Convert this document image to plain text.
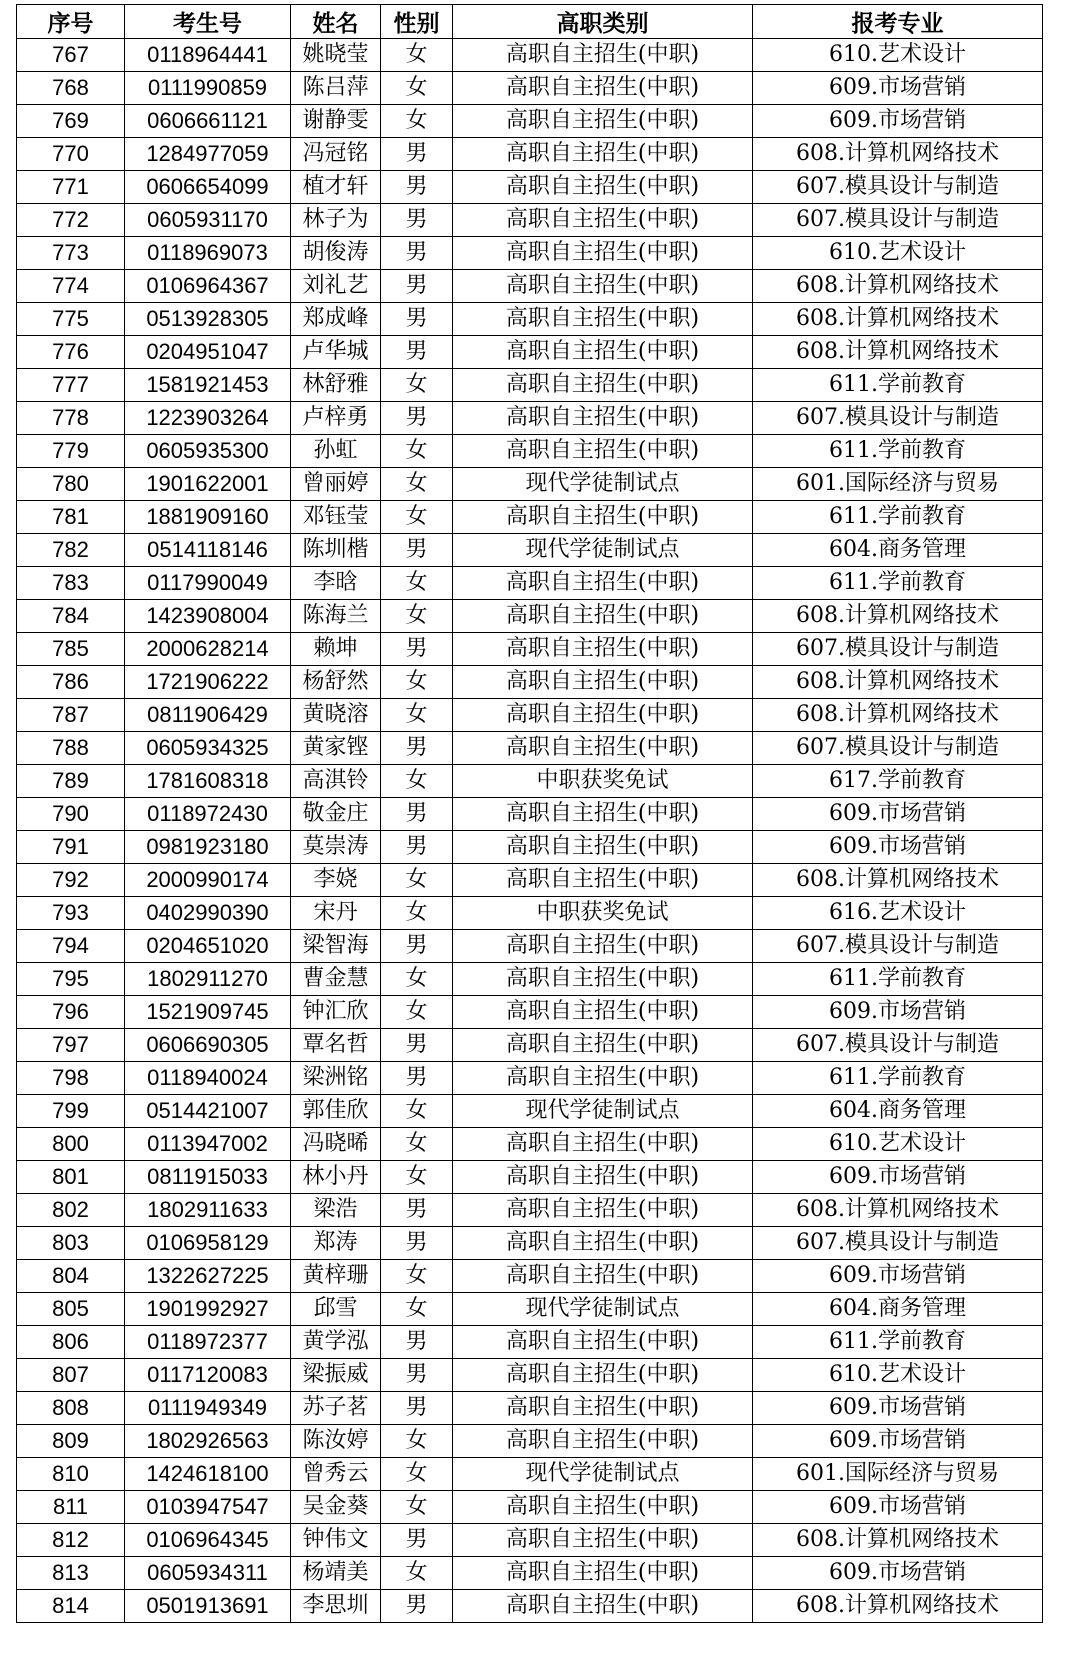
序号	考生号	姓名	性别	高职类别	报考专业
767	0118964441	姚晓莹	女	高职自主招生(中职)	610.艺术设计
768	0111990859	陈吕萍	女	高职自主招生(中职)	609.市场营销
769	0606661121	谢静雯	女	高职自主招生(中职)	609.市场营销
770	1284977059	冯冠铭	男	高职自主招生(中职)	608.计算机网络技术
771	0606654099	植才轩	男	高职自主招生(中职)	607.模具设计与制造
772	0605931170	林子为	男	高职自主招生(中职)	607.模具设计与制造
773	0118969073	胡俊涛	男	高职自主招生(中职)	610.艺术设计
774	0106964367	刘礼艺	男	高职自主招生(中职)	608.计算机网络技术
775	0513928305	郑成峰	男	高职自主招生(中职)	608.计算机网络技术
776	0204951047	卢华城	男	高职自主招生(中职)	608.计算机网络技术
777	1581921453	林舒雅	女	高职自主招生(中职)	611.学前教育
778	1223903264	卢梓勇	男	高职自主招生(中职)	607.模具设计与制造
779	0605935300	孙虹	女	高职自主招生(中职)	611.学前教育
780	1901622001	曾丽婷	女	现代学徒制试点	601.国际经济与贸易
781	1881909160	邓钰莹	女	高职自主招生(中职)	611.学前教育
782	0514118146	陈圳楷	男	现代学徒制试点	604.商务管理
783	0117990049	李晗	女	高职自主招生(中职)	611.学前教育
784	1423908004	陈海兰	女	高职自主招生(中职)	608.计算机网络技术
785	2000628214	赖坤	男	高职自主招生(中职)	607.模具设计与制造
786	1721906222	杨舒然	女	高职自主招生(中职)	608.计算机网络技术
787	0811906429	黄晓溶	女	高职自主招生(中职)	608.计算机网络技术
788	0605934325	黄家铿	男	高职自主招生(中职)	607.模具设计与制造
789	1781608318	高淇铃	女	中职获奖免试	617.学前教育
790	0118972430	敬金庄	男	高职自主招生(中职)	609.市场营销
791	0981923180	莫崇涛	男	高职自主招生(中职)	609.市场营销
792	2000990174	李娆	女	高职自主招生(中职)	608.计算机网络技术
793	0402990390	宋丹	女	中职获奖免试	616.艺术设计
794	0204651020	梁智海	男	高职自主招生(中职)	607.模具设计与制造
795	1802911270	曹金慧	女	高职自主招生(中职)	611.学前教育
796	1521909745	钟汇欣	女	高职自主招生(中职)	609.市场营销
797	0606690305	覃名哲	男	高职自主招生(中职)	607.模具设计与制造
798	0118940024	梁洲铭	男	高职自主招生(中职)	611.学前教育
799	0514421007	郭佳欣	女	现代学徒制试点	604.商务管理
800	0113947002	冯晓晞	女	高职自主招生(中职)	610.艺术设计
801	0811915033	林小丹	女	高职自主招生(中职)	609.市场营销
802	1802911633	梁浩	男	高职自主招生(中职)	608.计算机网络技术
803	0106958129	郑涛	男	高职自主招生(中职)	607.模具设计与制造
804	1322627225	黄梓珊	女	高职自主招生(中职)	609.市场营销
805	1901992927	邱雪	女	现代学徒制试点	604.商务管理
806	0118972377	黄学泓	男	高职自主招生(中职)	611.学前教育
807	0117120083	梁振威	男	高职自主招生(中职)	610.艺术设计
808	0111949349	苏子茗	男	高职自主招生(中职)	609.市场营销
809	1802926563	陈汝婷	女	高职自主招生(中职)	609.市场营销
810	1424618100	曾秀云	女	现代学徒制试点	601.国际经济与贸易
811	0103947547	吴金葵	女	高职自主招生(中职)	609.市场营销
812	0106964345	钟伟文	男	高职自主招生(中职)	608.计算机网络技术
813	0605934311	杨靖美	女	高职自主招生(中职)	609.市场营销
814	0501913691	李思圳	男	高职自主招生(中职)	608.计算机网络技术
